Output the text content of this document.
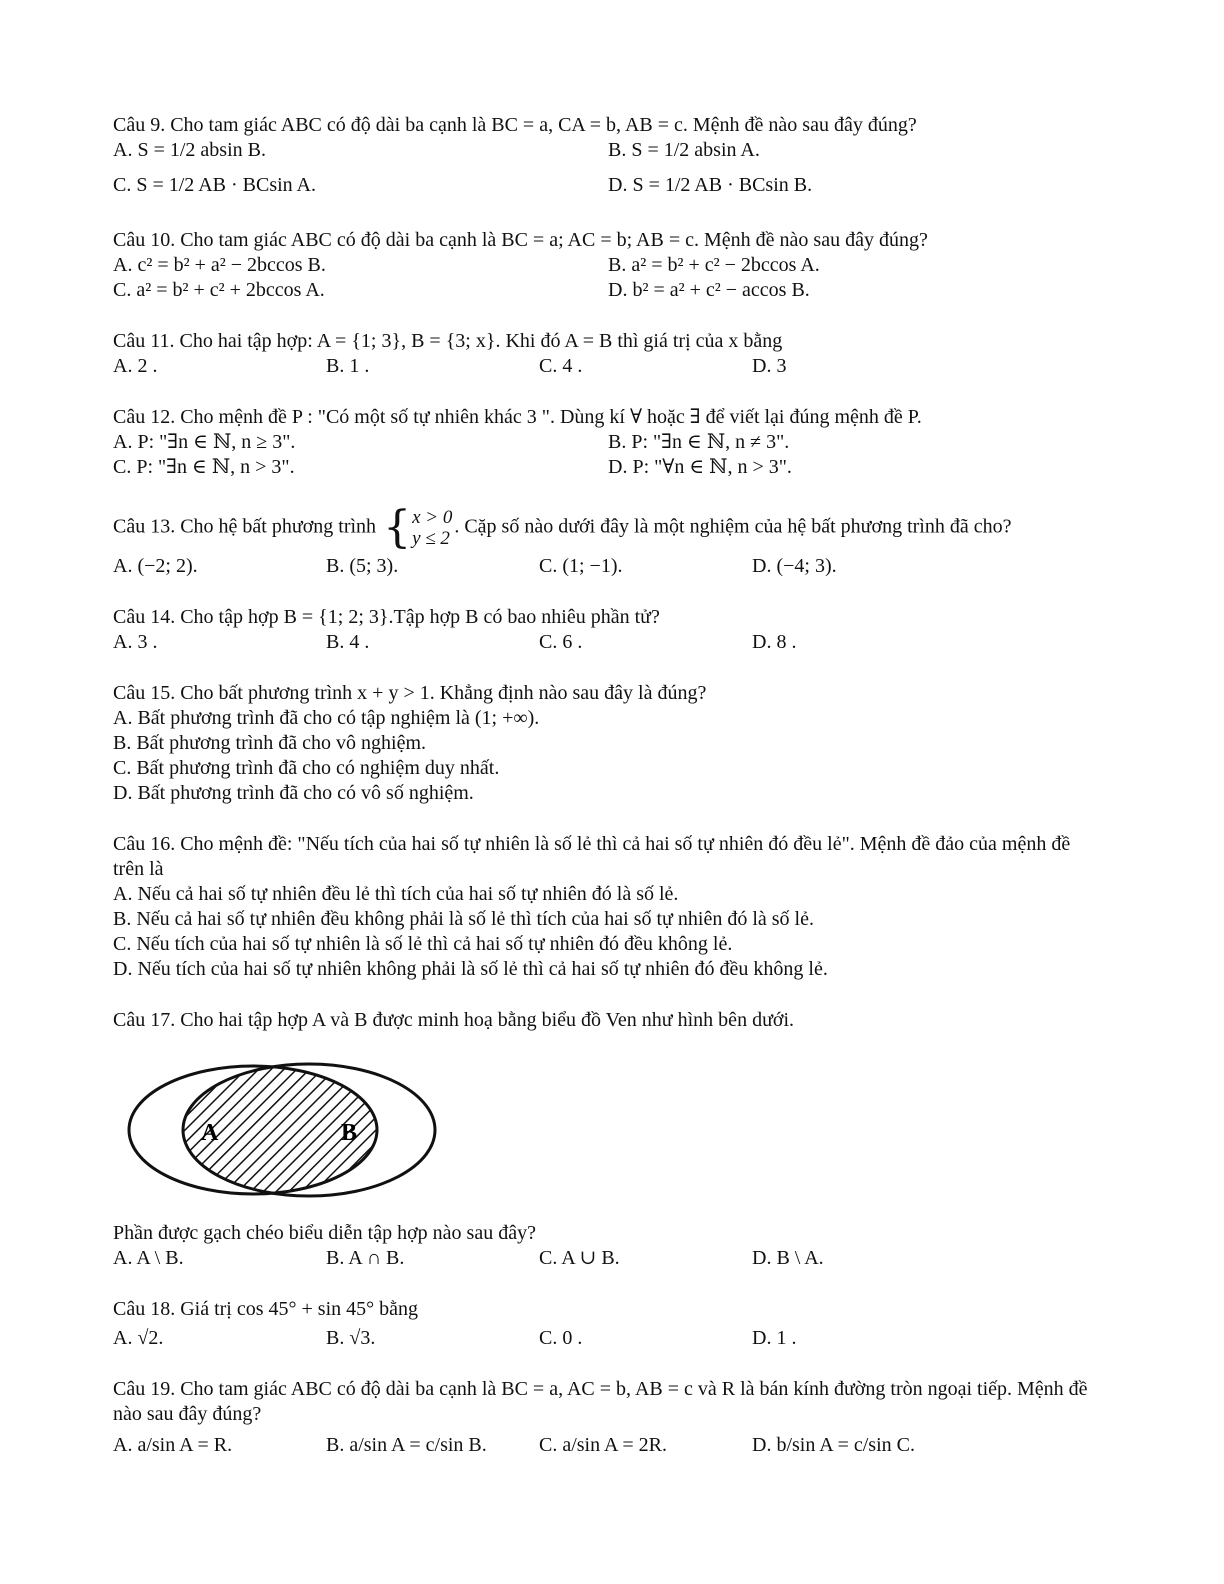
Câu 9. Cho tam giác ABC có độ dài ba cạnh là BC = a, CA = b, AB = c. Mệnh đề nào sau đây đúng?
A. S = 1/2 absin B.	B. S = 1/2 absin A.
C. S = 1/2 AB · BCsin A.	D. S = 1/2 AB · BCsin B.
Câu 10. Cho tam giác ABC có độ dài ba cạnh là BC = a; AC = b; AB = c. Mệnh đề nào sau đây đúng?
A. c² = b² + a² − 2bccos B.	B. a² = b² + c² − 2bccos A.
C. a² = b² + c² + 2bccos A.	D. b² = a² + c² − accos B.
Câu 11. Cho hai tập hợp: A = {1; 3}, B = {3; x}. Khi đó A = B thì giá trị của x bằng
A. 2 .	B. 1 .	C. 4 .	D. 3
Câu 12. Cho mệnh đề P : "Có một số tự nhiên khác 3 ". Dùng kí ∀ hoặc ∃ để viết lại đúng mệnh đề P.
A. P: "∃n ∈ ℕ, n ≥ 3".	B. P: "∃n ∈ ℕ, n ≠ 3".
C. P: "∃n ∈ ℕ, n > 3".	D. P: "∀n ∈ ℕ, n > 3".
Câu 13. Cho hệ bất phương trình { x > 0
y ≤ 2
. Cặp số nào dưới đây là một nghiệm của hệ bất phương trình đã cho?
A. (−2; 2).	B. (5; 3).	C. (1; −1).	D. (−4; 3).
Câu 14. Cho tập hợp B = {1; 2; 3}.Tập hợp B có bao nhiêu phần tử?
A. 3 .	B. 4 .	C. 6 .	D. 8 .
Câu 15. Cho bất phương trình x + y > 1. Khẳng định nào sau đây là đúng?
A. Bất phương trình đã cho có tập nghiệm là (1; +∞).
B. Bất phương trình đã cho vô nghiệm.
C. Bất phương trình đã cho có nghiệm duy nhất.
D. Bất phương trình đã cho có vô số nghiệm.
Câu 16. Cho mệnh đề: "Nếu tích của hai số tự nhiên là số lẻ thì cả hai số tự nhiên đó đều lẻ". Mệnh đề đảo của mệnh đề trên là
A. Nếu cả hai số tự nhiên đều lẻ thì tích của hai số tự nhiên đó là số lẻ.
B. Nếu cả hai số tự nhiên đều không phải là số lẻ thì tích của hai số tự nhiên đó là số lẻ.
C. Nếu tích của hai số tự nhiên là số lẻ thì cả hai số tự nhiên đó đều không lẻ.
D. Nếu tích của hai số tự nhiên không phải là số lẻ thì cả hai số tự nhiên đó đều không lẻ.
Câu 17. Cho hai tập hợp A và B được minh hoạ bằng biểu đồ Ven như hình bên dưới.
A	B
Phần được gạch chéo biểu diễn tập hợp nào sau đây?
A. A \ B.	B. A ∩ B.	C. A ∪ B.	D. B \ A.
Câu 18. Giá trị cos 45° + sin 45° bằng
A. √2.	B. √3.	C. 0 .	D. 1 .
Câu 19. Cho tam giác ABC có độ dài ba cạnh là BC = a, AC = b, AB = c và R là bán kính đường tròn ngoại tiếp. Mệnh đề nào sau đây đúng?
A. a/sin A = R.	B. a/sin A = c/sin B.	C. a/sin A = 2R.	D. b/sin A = c/sin C.
